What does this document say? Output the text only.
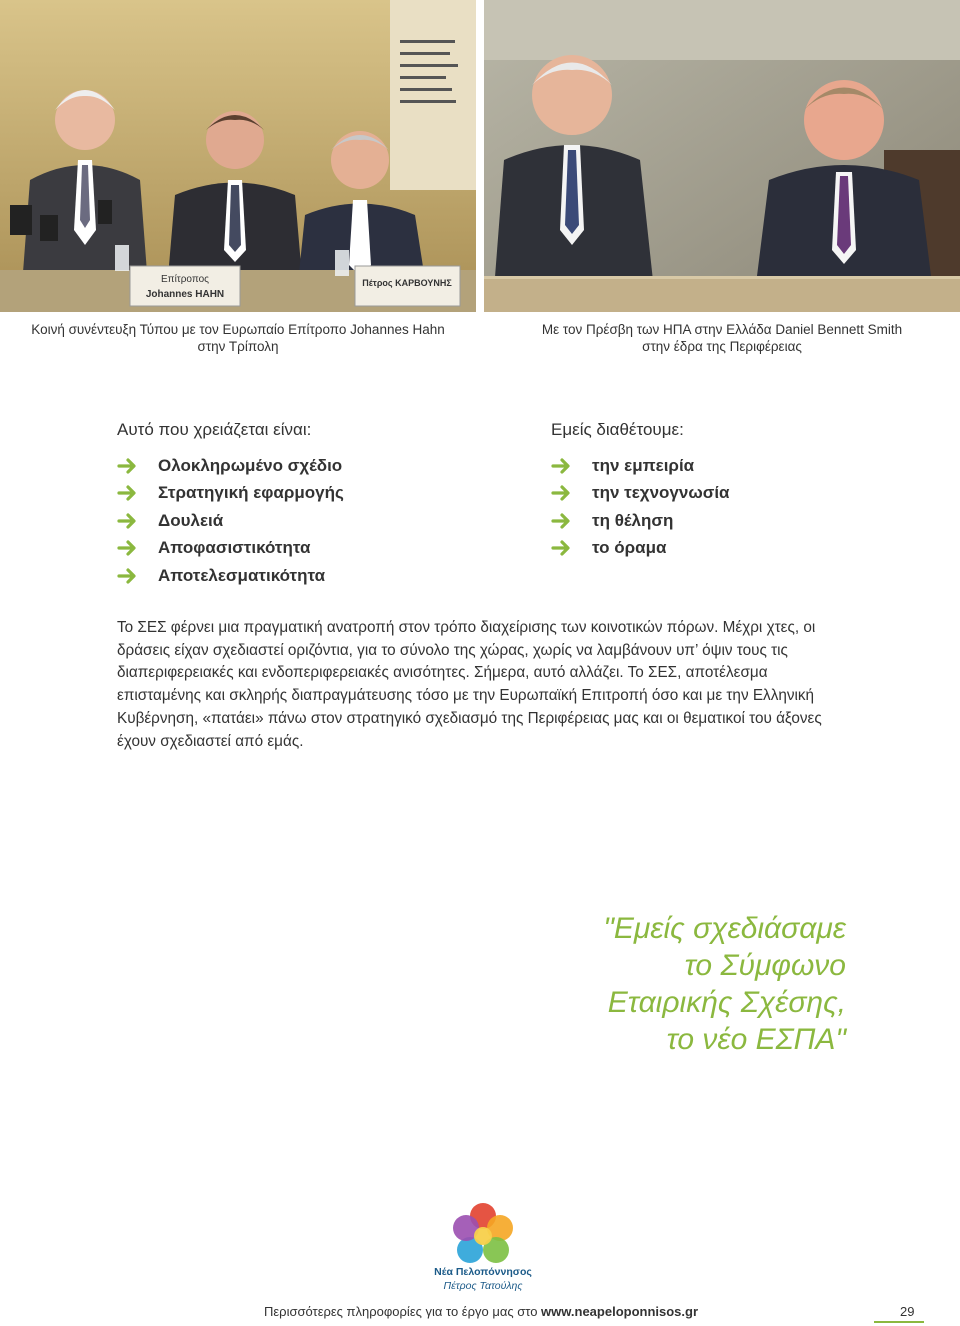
Επίτροπος
Johannes HAHN
Πέτρος ΚΑΡΒΟΥΝΗΣ
Κοινή συνέντευξη Τύπου με τον Ευρωπαίο Επίτροπο Johannes Hahn
στην Τρίπολη
Με τον Πρέσβη των ΗΠΑ στην Ελλάδα Daniel Bennett Smith
στην έδρα της Περιφέρειας
Αυτό που χρειάζεται είναι:
Ολοκληρωμένο σχέδιο
Στρατηγική εφαρμογής
Δουλειά
Αποφασιστικότητα
Αποτελεσματικότητα
Εμείς διαθέτουμε:
την εμπειρία
την τεχνογνωσία
τη θέληση
το όραμα

Το ΣΕΣ φέρνει μια πραγματική ανατροπή στον τρόπο διαχείρισης των κοινοτικών πόρων. Μέχρι χτες, οι δράσεις είχαν σχεδιαστεί οριζόντια, για το σύνολο της χώρας, χωρίς να λαμβάνουν υπ’ όψιν τους τις διαπεριφερειακές και ενδοπεριφερειακές ανισότητες. Σήμερα, αυτό αλλάζει. Το ΣΕΣ, αποτέλεσμα επισταμένης και σκληρής διαπραγμάτευσης τόσο με την Ευρωπαϊκή Επιτροπή όσο και με την Ελληνική Κυβέρνηση, «πατάει» πάνω στον στρατηγικό σχεδιασμό της Περιφέρειας μας και οι θεματικοί του άξονες έχουν σχεδιαστεί από εμάς.

"Εμείς σχεδιάσαμε
το Σύμφωνο
Εταιρικής Σχέσης,
το νέο ΕΣΠΑ"
Νέα Πελοπόννησος
Πέτρος Τατούλης
Περισσότερες πληροφορίες για το έργο μας στο www.neapeloponnisos.gr	29
